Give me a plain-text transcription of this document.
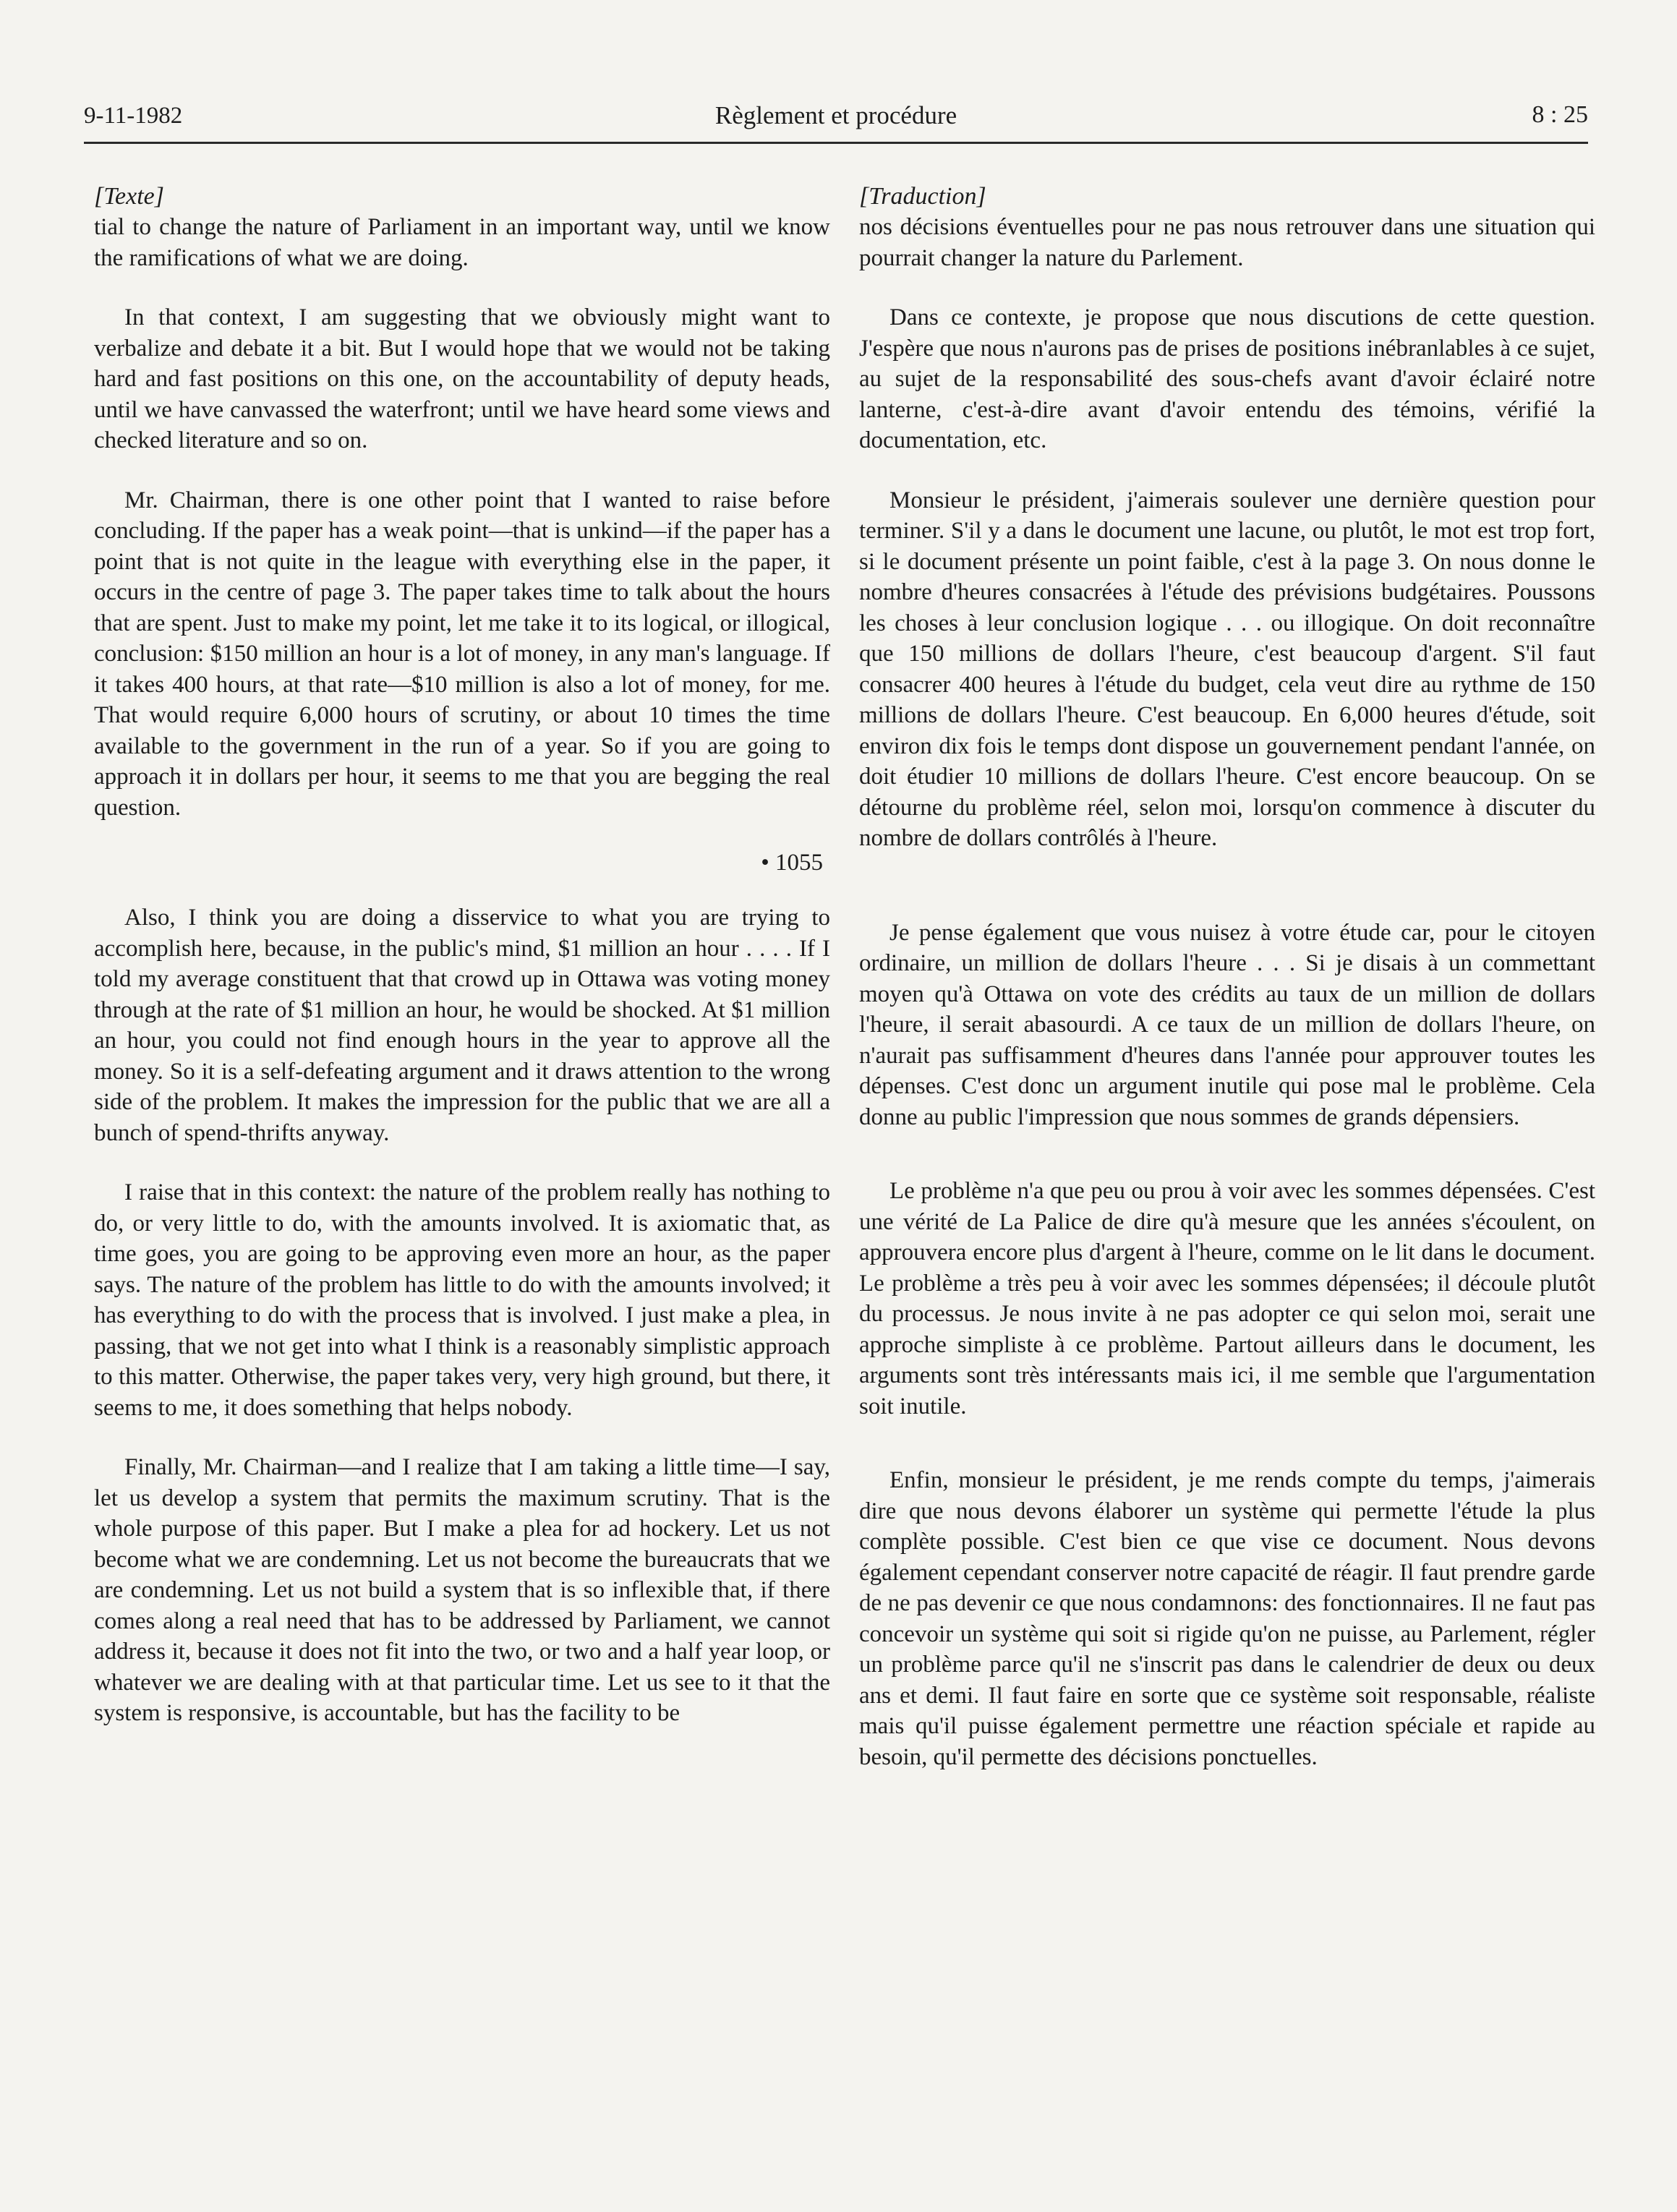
9-11-1982	Règlement et procédure	8 : 25
[Texte]

tial to change the nature of Parliament in an important way, until we know the ramifications of what we are doing.

In that context, I am suggesting that we obviously might want to verbalize and debate it a bit. But I would hope that we would not be taking hard and fast positions on this one, on the accountability of deputy heads, until we have canvassed the waterfront; until we have heard some views and checked literature and so on.

Mr. Chairman, there is one other point that I wanted to raise before concluding. If the paper has a weak point—that is unkind—if the paper has a point that is not quite in the league with everything else in the paper, it occurs in the centre of page 3. The paper takes time to talk about the hours that are spent. Just to make my point, let me take it to its logical, or illogical, conclusion: $150 million an hour is a lot of money, in any man's language. If it takes 400 hours, at that rate—$10 million is also a lot of money, for me. That would require 6,000 hours of scrutiny, or about 10 times the time available to the government in the run of a year. So if you are going to approach it in dollars per hour, it seems to me that you are begging the real question.

• 1055

Also, I think you are doing a disservice to what you are trying to accomplish here, because, in the public's mind, $1 million an hour . . . . If I told my average constituent that that crowd up in Ottawa was voting money through at the rate of $1 million an hour, he would be shocked. At $1 million an hour, you could not find enough hours in the year to approve all the money. So it is a self-defeating argument and it draws attention to the wrong side of the problem. It makes the impression for the public that we are all a bunch of spend-thrifts anyway.

I raise that in this context: the nature of the problem really has nothing to do, or very little to do, with the amounts involved. It is axiomatic that, as time goes, you are going to be approving even more an hour, as the paper says. The nature of the problem has little to do with the amounts involved; it has everything to do with the process that is involved. I just make a plea, in passing, that we not get into what I think is a reasonably simplistic approach to this matter. Otherwise, the paper takes very, very high ground, but there, it seems to me, it does something that helps nobody.

Finally, Mr. Chairman—and I realize that I am taking a little time—I say, let us develop a system that permits the maximum scrutiny. That is the whole purpose of this paper. But I make a plea for ad hockery. Let us not become what we are condemning. Let us not become the bureaucrats that we are condemning. Let us not build a system that is so inflexible that, if there comes along a real need that has to be addressed by Parliament, we cannot address it, because it does not fit into the two, or two and a half year loop, or whatever we are dealing with at that particular time. Let us see to it that the system is responsive, is accountable, but has the facility to be

[Traduction]

nos décisions éventuelles pour ne pas nous retrouver dans une situation qui pourrait changer la nature du Parlement.

Dans ce contexte, je propose que nous discutions de cette question. J'espère que nous n'aurons pas de prises de positions inébranlables à ce sujet, au sujet de la responsabilité des sous-chefs avant d'avoir éclairé notre lanterne, c'est-à-dire avant d'avoir entendu des témoins, vérifié la documentation, etc.

Monsieur le président, j'aimerais soulever une dernière question pour terminer. S'il y a dans le document une lacune, ou plutôt, le mot est trop fort, si le document présente un point faible, c'est à la page 3. On nous donne le nombre d'heures consacrées à l'étude des prévisions budgétaires. Poussons les choses à leur conclusion logique . . . ou illogique. On doit reconnaître que 150 millions de dollars l'heure, c'est beaucoup d'argent. S'il faut consacrer 400 heures à l'étude du budget, cela veut dire au rythme de 150 millions de dollars l'heure. C'est beaucoup. En 6,000 heures d'étude, soit environ dix fois le temps dont dispose un gouvernement pendant l'année, on doit étudier 10 millions de dollars l'heure. C'est encore beaucoup. On se détourne du problème réel, selon moi, lorsqu'on commence à discuter du nombre de dollars contrôlés à l'heure.

Je pense également que vous nuisez à votre étude car, pour le citoyen ordinaire, un million de dollars l'heure . . . Si je disais à un commettant moyen qu'à Ottawa on vote des crédits au taux de un million de dollars l'heure, il serait abasourdi. A ce taux de un million de dollars l'heure, on n'aurait pas suffisamment d'heures dans l'année pour approuver toutes les dépenses. C'est donc un argument inutile qui pose mal le problème. Cela donne au public l'impression que nous sommes de grands dépensiers.

Le problème n'a que peu ou prou à voir avec les sommes dépensées. C'est une vérité de La Palice de dire qu'à mesure que les années s'écoulent, on approuvera encore plus d'argent à l'heure, comme on le lit dans le document. Le problème a très peu à voir avec les sommes dépensées; il découle plutôt du processus. Je nous invite à ne pas adopter ce qui selon moi, serait une approche simpliste à ce problème. Partout ailleurs dans le document, les arguments sont très intéressants mais ici, il me semble que l'argumentation soit inutile.

Enfin, monsieur le président, je me rends compte du temps, j'aimerais dire que nous devons élaborer un système qui permette l'étude la plus complète possible. C'est bien ce que vise ce document. Nous devons également cependant conserver notre capacité de réagir. Il faut prendre garde de ne pas devenir ce que nous condamnons: des fonctionnaires. Il ne faut pas concevoir un système qui soit si rigide qu'on ne puisse, au Parlement, régler un problème parce qu'il ne s'inscrit pas dans le calendrier de deux ou deux ans et demi. Il faut faire en sorte que ce système soit responsable, réaliste mais qu'il puisse également permettre une réaction spéciale et rapide au besoin, qu'il permette des décisions ponctuelles.
